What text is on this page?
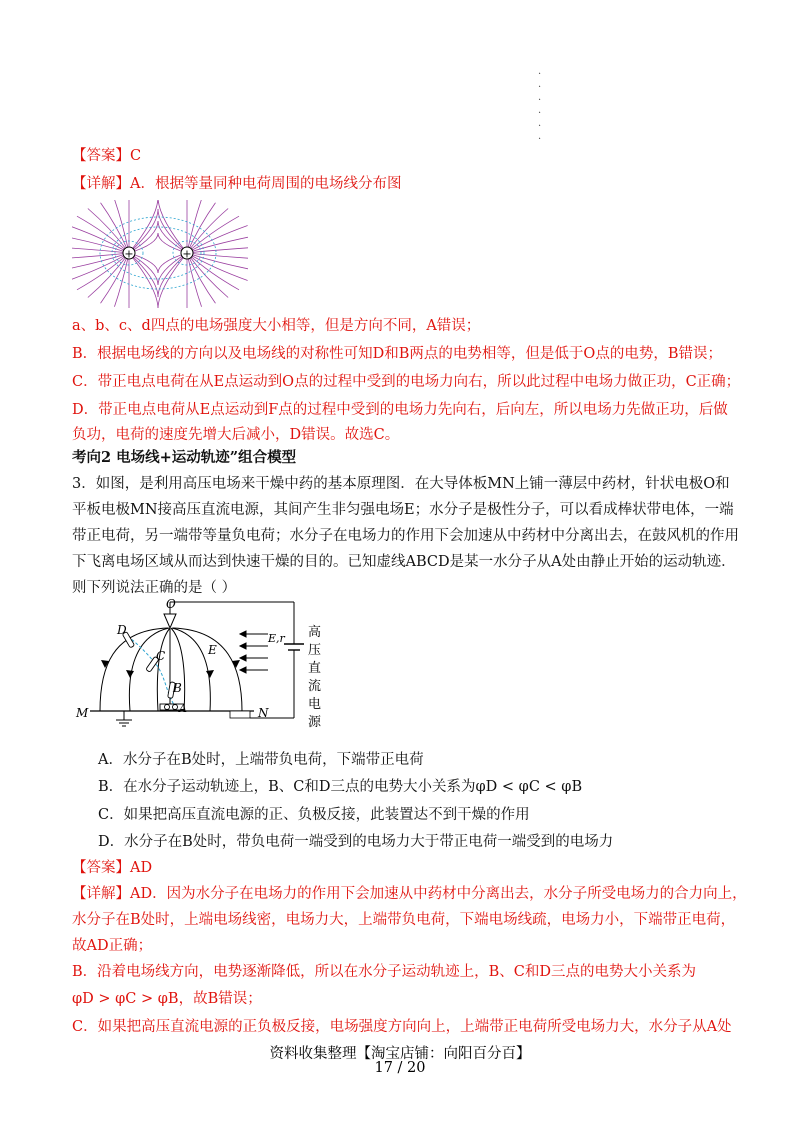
·
·
·
·
·
·
【答案】C
【详解】A．根据等量同种电荷周围的电场线分布图
+	+
a、b、c、d四点的电场强度大小相等，但是方向不同，A错误；
B．根据电场线的方向以及电场线的对称性可知D和B两点的电势相等，但是低于O点的电势，B错误；
C．带正电点电荷在从E点运动到O点的过程中受到的电场力向右，所以此过程中电场力做正功，C正确；
D．带正电点电荷从E点运动到F点的过程中受到的电场力先向右，后向左，所以电场力先做正功，后做
负功，电荷的速度先增大后减小，D错误。故选C。
考向2 电场线+运动轨迹”组合模型
3．如图，是利用高压电场来干燥中药的基本原理图．在大导体板MN上铺一薄层中药材，针状电极O和
平板电极MN接高压直流电源，其间产生非匀强电场E；水分子是极性分子，可以看成棒状带电体，一端
带正电荷，另一端带等量负电荷；水分子在电场力的作用下会加速从中药材中分离出去，在鼓风机的作用
下飞离电场区域从而达到快速干燥的目的。已知虚线ABCD是某一水分子从A处由静止开始的运动轨迹．
则下列说法正确的是（ ）
O
D
C
B
A
E
E,r
M	N
高
压
直
流
电
源
A．水分子在B处时，上端带负电荷，下端带正电荷
B．在水分子运动轨迹上，B、C和D三点的电势大小关系为φD < φC < φB
C．如果把高压直流电源的正、负极反接，此装置达不到干燥的作用
D．水分子在B处时，带负电荷一端受到的电场力大于带正电荷一端受到的电场力
【答案】AD
【详解】AD．因为水分子在电场力的作用下会加速从中药材中分离出去，水分子所受电场力的合力向上，
水分子在B处时，上端电场线密，电场力大，上端带负电荷，下端电场线疏，电场力小，下端带正电荷，
故AD正确；
B．沿着电场线方向，电势逐渐降低，所以在水分子运动轨迹上，B、C和D三点的电势大小关系为
φD > φC > φB，故B错误；
C．如果把高压直流电源的正负极反接，电场强度方向向上，上端带正电荷所受电场力大，水分子从A处
资料收集整理【淘宝店铺：向阳百分百】
17 / 20
